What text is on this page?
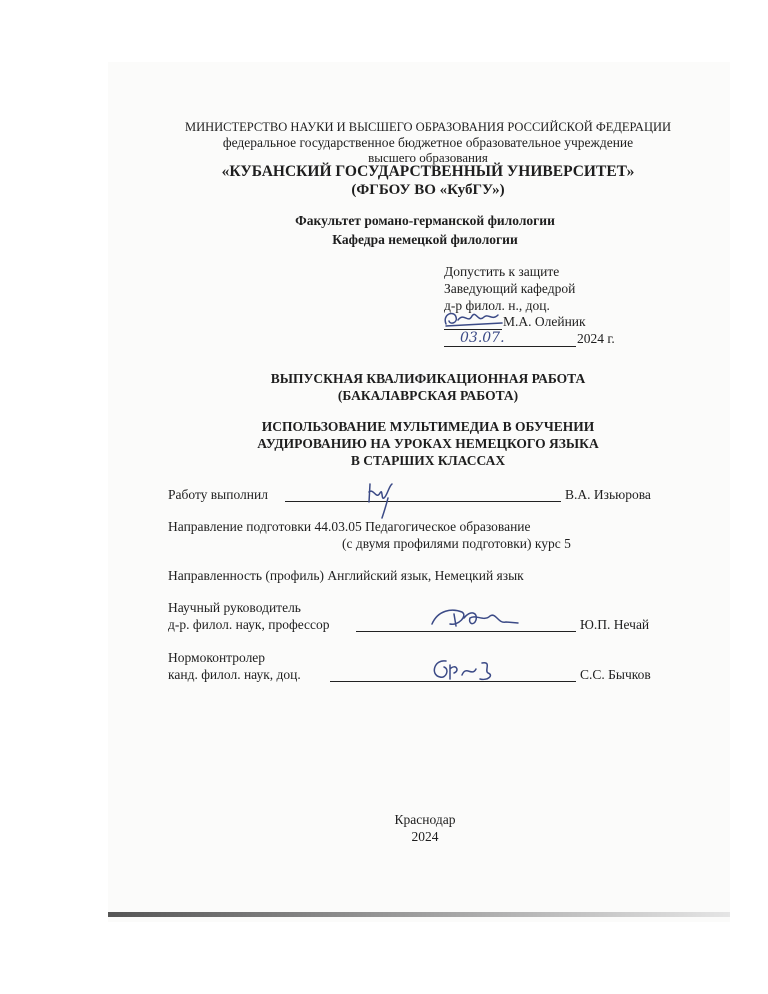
МИНИСТЕРСТВО НАУКИ И ВЫСШЕГО ОБРАЗОВАНИЯ РОССИЙСКОЙ ФЕДЕРАЦИИ
федеральное государственное бюджетное образовательное учреждение
высшего образования
«КУБАНСКИЙ ГОСУДАРСТВЕННЫЙ УНИВЕРСИТЕТ»
(ФГБОУ ВО «КубГУ»)
Факультет романо-германской филологии
Кафедра немецкой филологии
Допустить к защите
Заведующий кафедрой
д-р филол. н., доц.
М.А. Олейник
03.07.	2024 г.
ВЫПУСКНАЯ КВАЛИФИКАЦИОННАЯ РАБОТА
(БАКАЛАВРСКАЯ РАБОТА)
ИСПОЛЬЗОВАНИЕ МУЛЬТИМЕДИА В ОБУЧЕНИИ
АУДИРОВАНИЮ НА УРОКАХ НЕМЕЦКОГО ЯЗЫКА
В СТАРШИХ КЛАССАХ
Работу выполнил	В.А. Изьюрова
Направление подготовки 44.03.05 Педагогическое образование
(с двумя профилями подготовки) курс 5
Направленность (профиль) Английский язык, Немецкий язык
Научный руководитель
д-р. филол. наук, профессор	Ю.П. Нечай
Нормоконтролер
канд. филол. наук, доц.	С.С. Бычков
Краснодар
2024
